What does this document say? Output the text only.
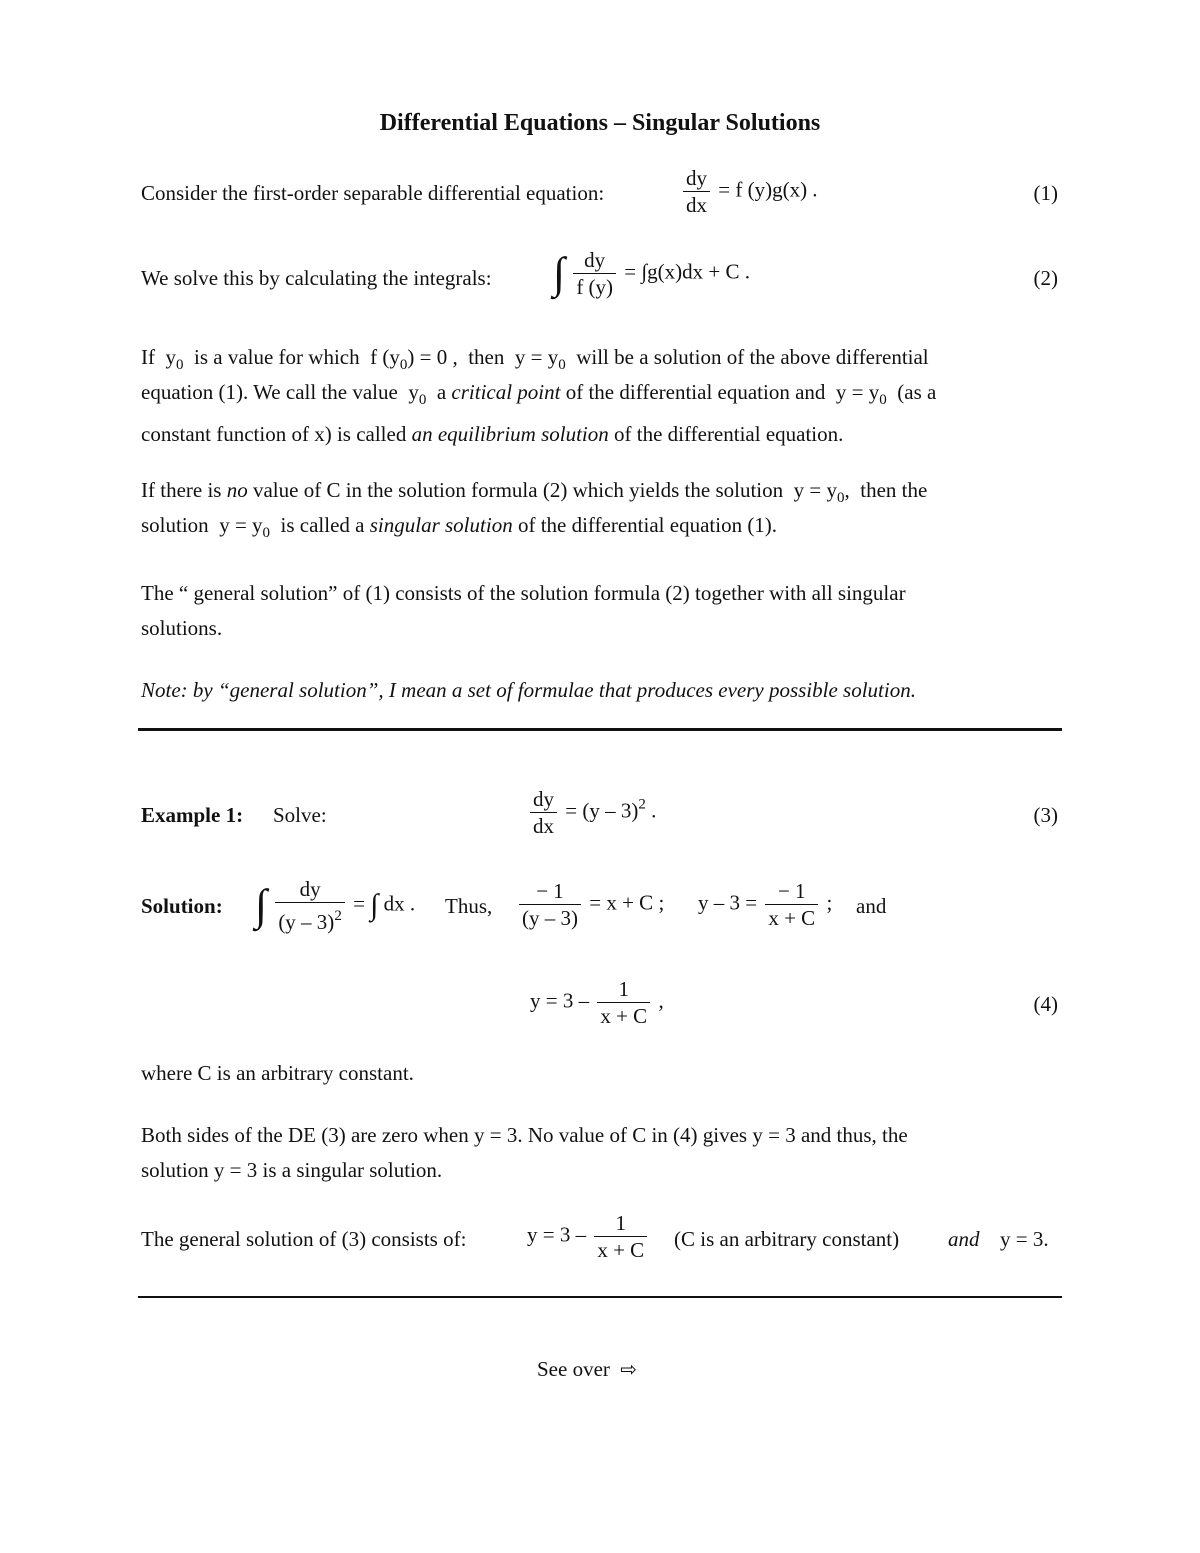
Differential Equations – Singular Solutions
Consider the first-order separable differential equation:	$\frac{dy}{dx} = f$ (y)g(x) .	(1)
We solve this by calculating the integrals: ∫ $\frac{dy}{f (y)} = \int g(x)dx + C$ .	(2)
If $y_0$ is a value for which f $(y_0) = 0$ , then $y = y_0$ will be a solution of the above differential
equation (1). We call the value $y_0$ a critical point of the differential equation and $y = y_0$ (as a
constant function of x) is called an equilibrium solution of the differential equation.
If there is no value of C in the solution formula (2) which yields the solution $y = y_0$,  then the
solution $y = y_0$ is called a singular solution of the differential equation (1).
The “ general solution” of (1) consists of the solution formula (2) together with all singular
solutions.
Note: by “general solution”, I mean a set of formulae that produces every possible solution.
Example 1: Solve:	$\frac{dy}{dx} = (y - 3)^2$ .	(3)
Solution: ∫ $\frac{dy}{(y - 3)^2}$ = ∫ dx . Thus, $\frac{- 1}{(y - 3)} = x + C$ ; $y - 3 = \frac{- 1}{x + C}$ ; and
$y = 3 - \frac{1}{x + C}$ ,	(4)
where C is an arbitrary constant.
Both sides of the DE (3) are zero when y = 3. No value of C in (4) gives y = 3 and thus, the
solution y = 3 is a singular solution.
The general solution of (3) consists of:	$y = 3 - \frac{1}{x + C} (C$ is an arbitrary constant) and y = 3.
See over ⇨
